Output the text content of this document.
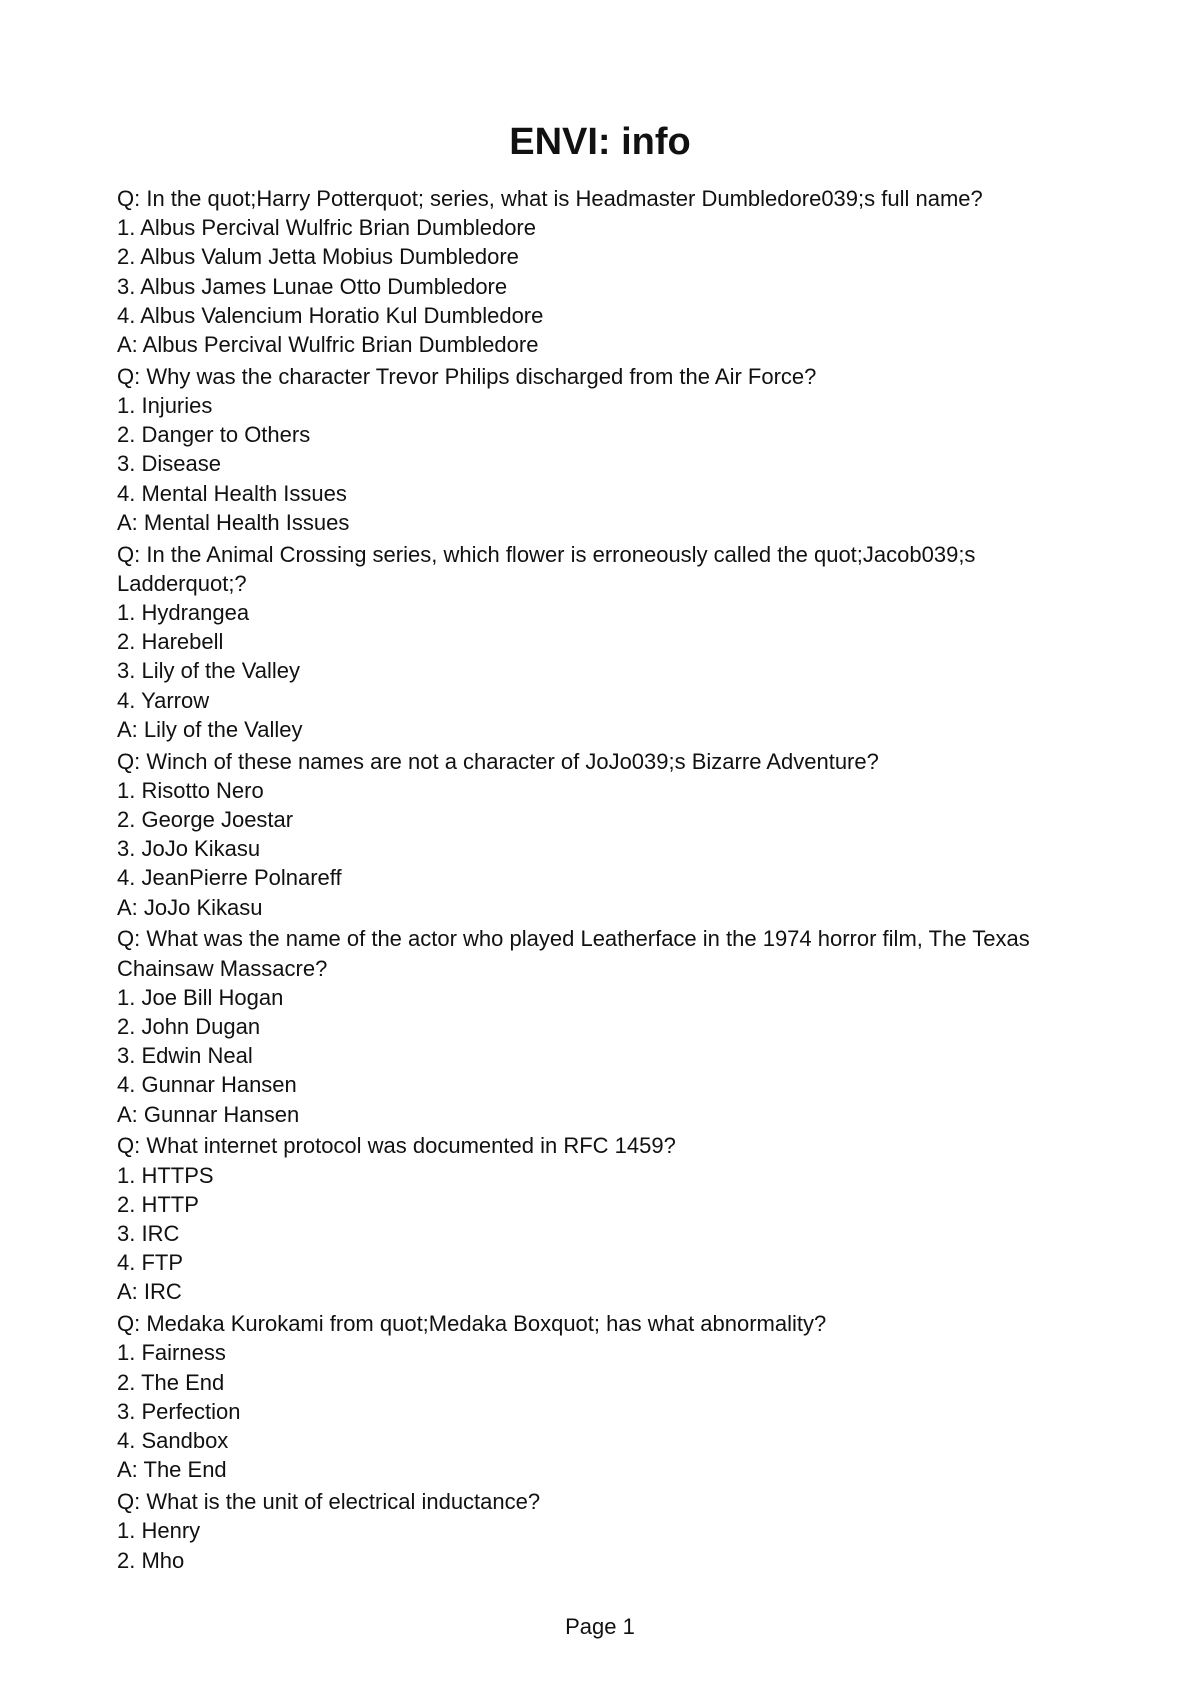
ENVI: info
Q: In the quot;Harry Potterquot; series, what is Headmaster Dumbledore039;s full name?
1. Albus Percival Wulfric Brian Dumbledore
2. Albus Valum Jetta Mobius Dumbledore
3. Albus James Lunae Otto Dumbledore
4. Albus Valencium Horatio Kul Dumbledore
A: Albus Percival Wulfric Brian Dumbledore
Q: Why was the character Trevor Philips discharged from the Air Force?
1. Injuries
2. Danger to Others
3. Disease
4. Mental Health Issues
A: Mental Health Issues
Q: In the Animal Crossing series, which flower is erroneously called the quot;Jacob039;s Ladderquot;?
1. Hydrangea
2. Harebell
3. Lily of the Valley
4. Yarrow
A: Lily of the Valley
Q: Winch of these names are not a character of JoJo039;s Bizarre Adventure?
1. Risotto Nero
2. George Joestar
3. JoJo Kikasu
4. JeanPierre Polnareff
A: JoJo Kikasu
Q: What was the name of the actor who played Leatherface in the 1974 horror film, The Texas Chainsaw Massacre?
1. Joe Bill Hogan
2. John Dugan
3. Edwin Neal
4. Gunnar Hansen
A: Gunnar Hansen
Q: What internet protocol was documented in RFC 1459?
1. HTTPS
2. HTTP
3. IRC
4. FTP
A: IRC
Q: Medaka Kurokami from quot;Medaka Boxquot; has what abnormality?
1. Fairness
2. The End
3. Perfection
4. Sandbox
A: The End
Q: What is the unit of electrical inductance?
1. Henry
2. Mho
Page 1
